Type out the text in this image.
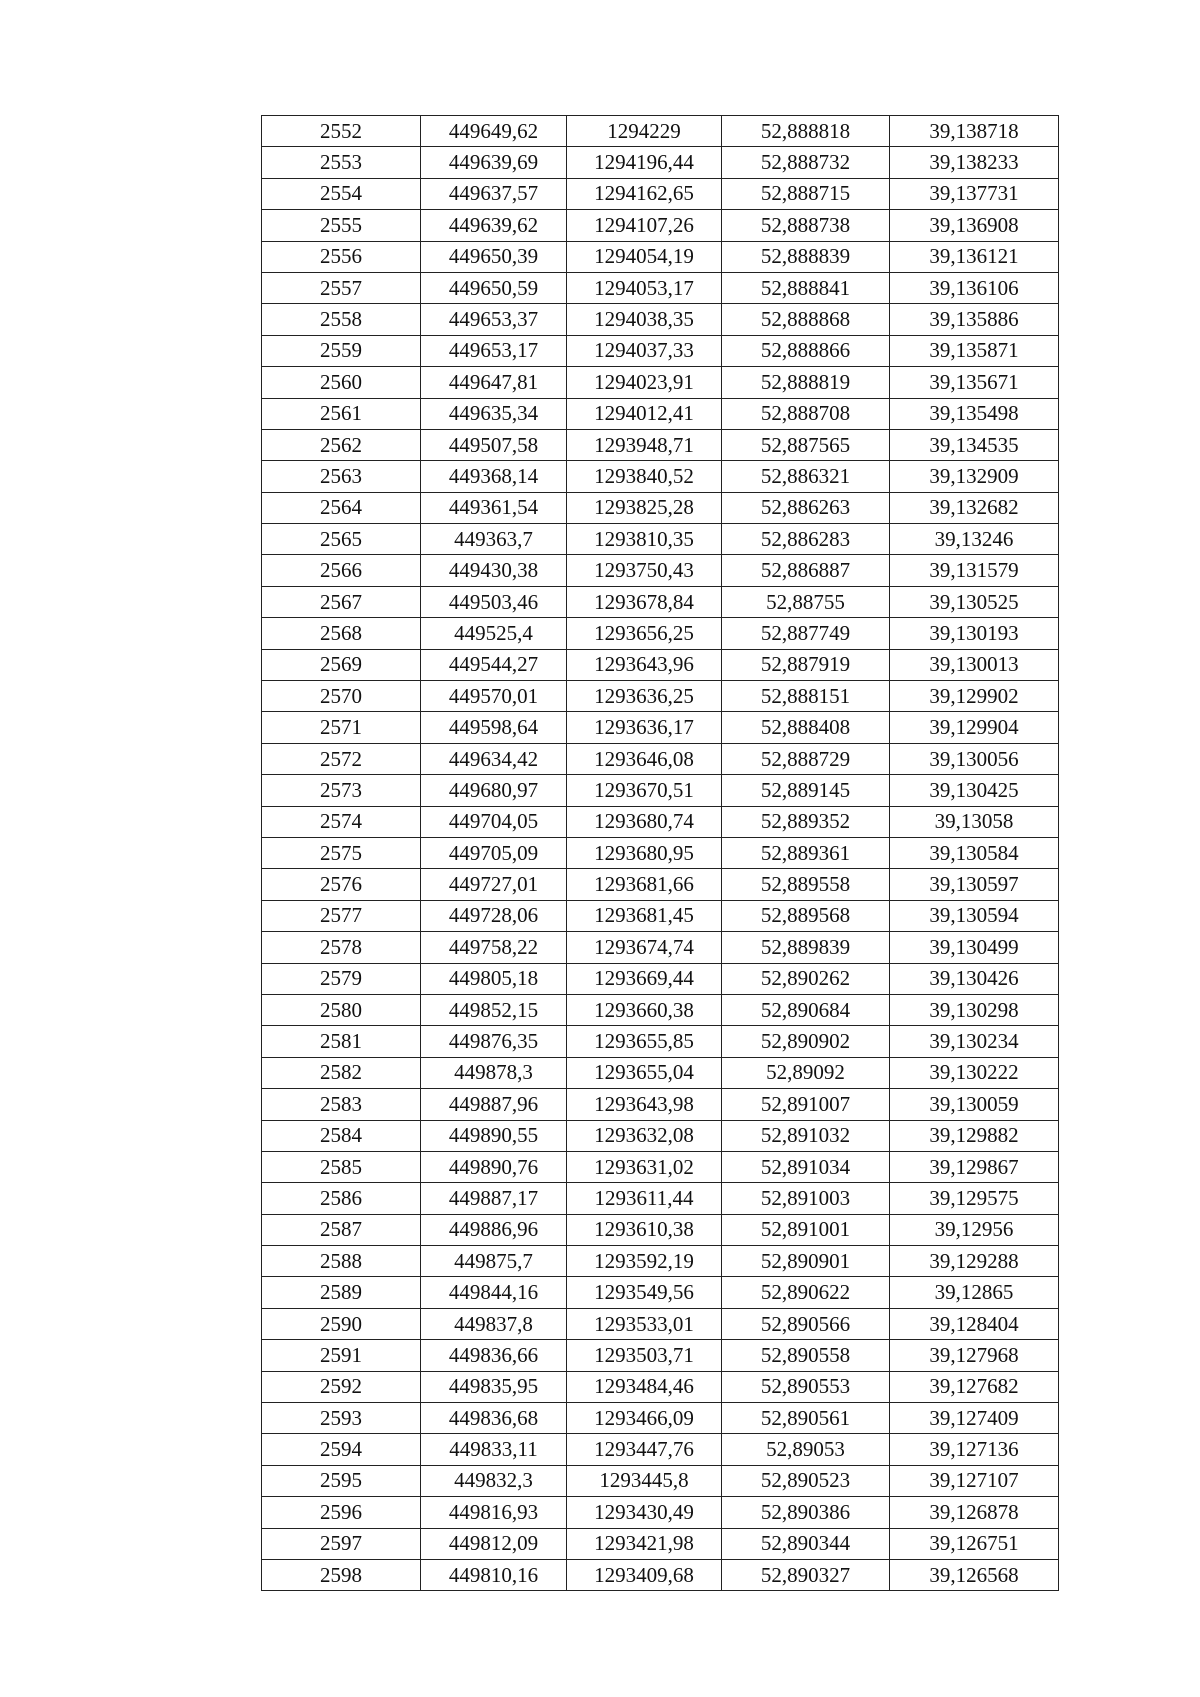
2552	449649,62	1294229	52,888818	39,138718
2553	449639,69	1294196,44	52,888732	39,138233
2554	449637,57	1294162,65	52,888715	39,137731
2555	449639,62	1294107,26	52,888738	39,136908
2556	449650,39	1294054,19	52,888839	39,136121
2557	449650,59	1294053,17	52,888841	39,136106
2558	449653,37	1294038,35	52,888868	39,135886
2559	449653,17	1294037,33	52,888866	39,135871
2560	449647,81	1294023,91	52,888819	39,135671
2561	449635,34	1294012,41	52,888708	39,135498
2562	449507,58	1293948,71	52,887565	39,134535
2563	449368,14	1293840,52	52,886321	39,132909
2564	449361,54	1293825,28	52,886263	39,132682
2565	449363,7	1293810,35	52,886283	39,13246
2566	449430,38	1293750,43	52,886887	39,131579
2567	449503,46	1293678,84	52,88755	39,130525
2568	449525,4	1293656,25	52,887749	39,130193
2569	449544,27	1293643,96	52,887919	39,130013
2570	449570,01	1293636,25	52,888151	39,129902
2571	449598,64	1293636,17	52,888408	39,129904
2572	449634,42	1293646,08	52,888729	39,130056
2573	449680,97	1293670,51	52,889145	39,130425
2574	449704,05	1293680,74	52,889352	39,13058
2575	449705,09	1293680,95	52,889361	39,130584
2576	449727,01	1293681,66	52,889558	39,130597
2577	449728,06	1293681,45	52,889568	39,130594
2578	449758,22	1293674,74	52,889839	39,130499
2579	449805,18	1293669,44	52,890262	39,130426
2580	449852,15	1293660,38	52,890684	39,130298
2581	449876,35	1293655,85	52,890902	39,130234
2582	449878,3	1293655,04	52,89092	39,130222
2583	449887,96	1293643,98	52,891007	39,130059
2584	449890,55	1293632,08	52,891032	39,129882
2585	449890,76	1293631,02	52,891034	39,129867
2586	449887,17	1293611,44	52,891003	39,129575
2587	449886,96	1293610,38	52,891001	39,12956
2588	449875,7	1293592,19	52,890901	39,129288
2589	449844,16	1293549,56	52,890622	39,12865
2590	449837,8	1293533,01	52,890566	39,128404
2591	449836,66	1293503,71	52,890558	39,127968
2592	449835,95	1293484,46	52,890553	39,127682
2593	449836,68	1293466,09	52,890561	39,127409
2594	449833,11	1293447,76	52,89053	39,127136
2595	449832,3	1293445,8	52,890523	39,127107
2596	449816,93	1293430,49	52,890386	39,126878
2597	449812,09	1293421,98	52,890344	39,126751
2598	449810,16	1293409,68	52,890327	39,126568
